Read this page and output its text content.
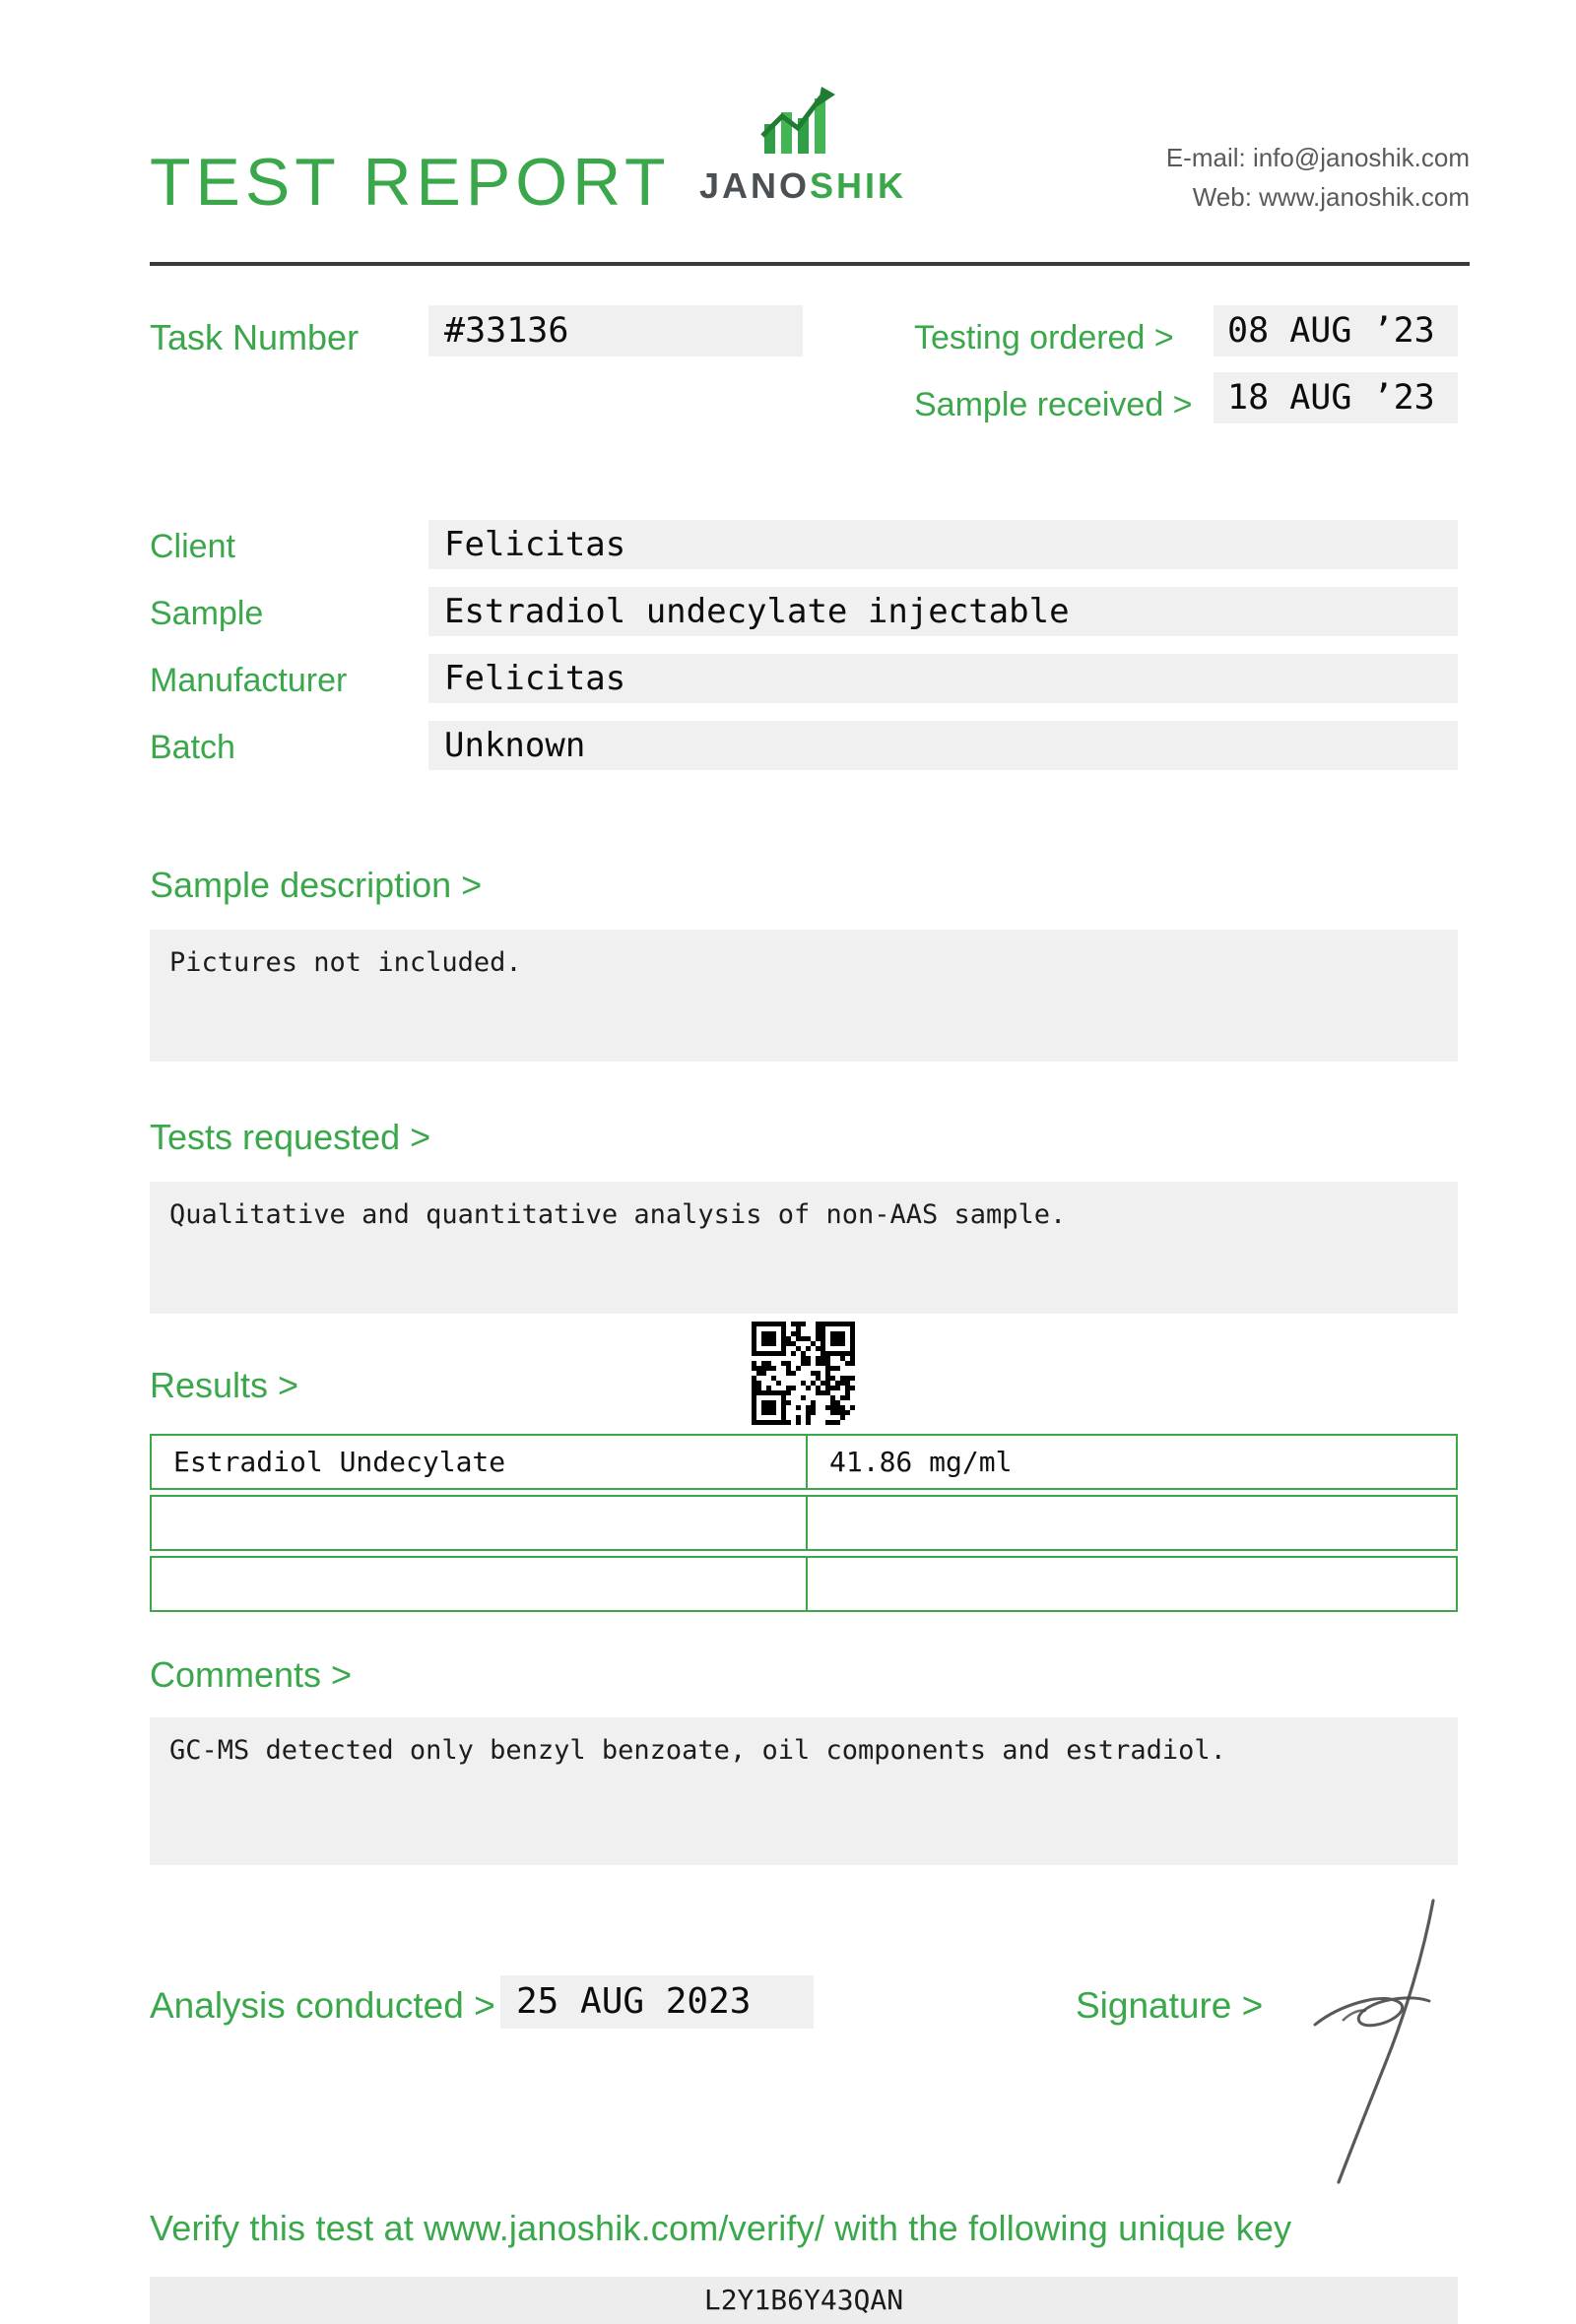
TEST REPORT JANOSHIK
E-mail: info@janoshik.com
Web: www.janoshik.com
Task Number	#33136	Testing ordered >	08 AUG ’23
Sample received >	18 AUG ’23
Client	Felicitas
Sample	Estradiol undecylate injectable
Manufacturer	Felicitas
Batch	Unknown
Sample description >
Pictures not included.
Tests requested >
Qualitative and quantitative analysis of non-AAS sample.
Results >
Estradiol Undecylate	41.86 mg/ml
Comments >
GC-MS detected only benzyl benzoate, oil components and estradiol.
Analysis conducted > 25 AUG 2023	Signature >
Verify this test at www.janoshik.com/verify/ with the following unique key
L2Y1B6Y43QAN
